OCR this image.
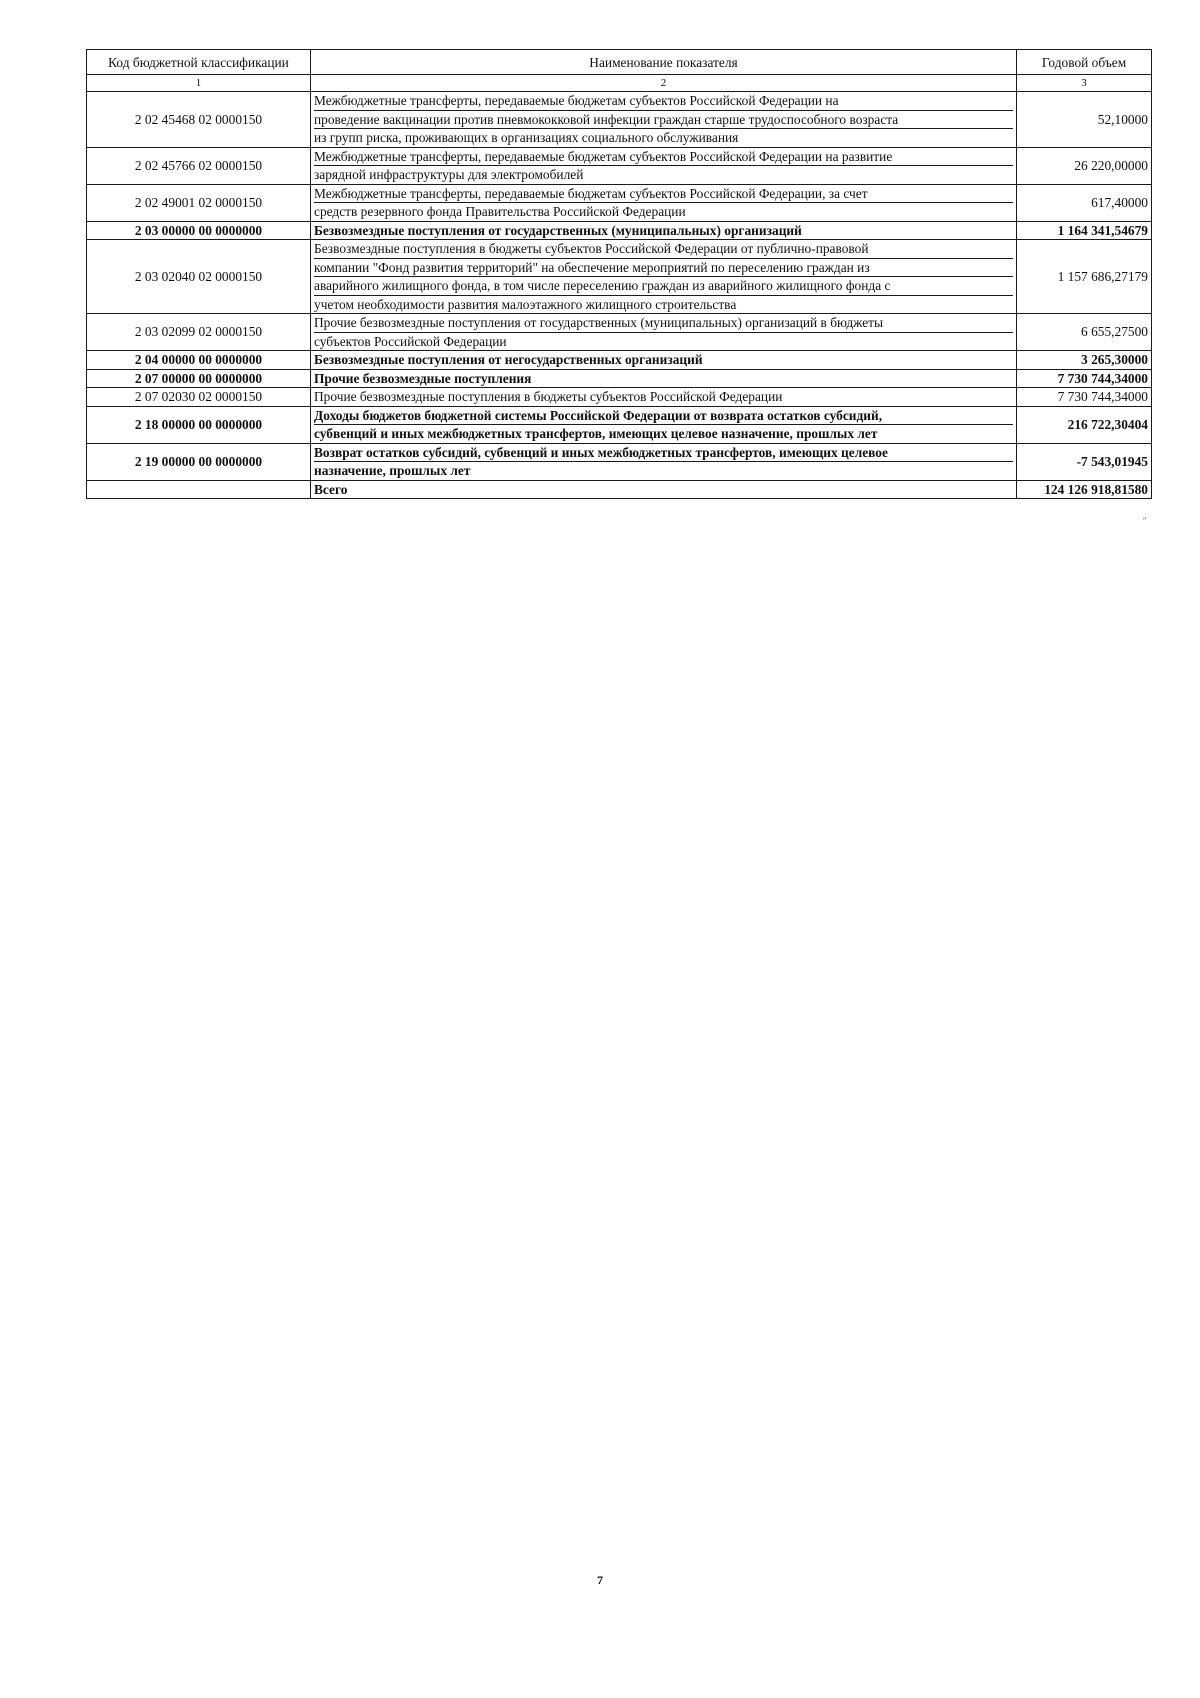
Код бюджетной классификации	Наименование показателя	Годовой объем
1	2	3
2 02 45468 02 0000150	Межбюджетные трансферты, передаваемые бюджетам субъектов Российской Федерации на
проведение вакцинации против пневмококковой инфекции граждан старше трудоспособного возраста
из групп риска, проживающих в организациях социального обслуживания	52,10000
2 02 45766 02 0000150	Межбюджетные трансферты, передаваемые бюджетам субъектов Российской Федерации на развитие
зарядной инфраструктуры для электромобилей	26 220,00000
2 02 49001 02 0000150	Межбюджетные трансферты, передаваемые бюджетам субъектов Российской Федерации, за счет
средств резервного фонда Правительства Российской Федерации	617,40000
2 03 00000 00 0000000	Безвозмездные поступления от государственных (муниципальных) организаций	1 164 341,54679
2 03 02040 02 0000150	Безвозмездные поступления в бюджеты субъектов Российской Федерации от публично-правовой
компании "Фонд развития территорий" на обеспечение мероприятий по переселению граждан из
аварийного жилищного фонда, в том числе переселению граждан из аварийного жилищного фонда с
учетом необходимости развития малоэтажного жилищного строительства	1 157 686,27179
2 03 02099 02 0000150	Прочие безвозмездные поступления от государственных (муниципальных) организаций в бюджеты
субъектов Российской Федерации	6 655,27500
2 04 00000 00 0000000	Безвозмездные поступления от негосударственных организаций	3 265,30000
2 07 00000 00 0000000	Прочие безвозмездные поступления	7 730 744,34000
2 07 02030 02 0000150	Прочие безвозмездные поступления в бюджеты субъектов Российской Федерации	7 730 744,34000
2 18 00000 00 0000000	Доходы бюджетов бюджетной системы Российской Федерации от возврата остатков субсидий,
субвенций и иных межбюджетных трансфертов, имеющих целевое назначение, прошлых лет	216 722,30404
2 19 00000 00 0000000	Возврат остатков субсидий, субвенций и иных межбюджетных трансфертов, имеющих целевое
назначение, прошлых лет	-7 543,01945

	Всего	124 126 918,81580
"
7
